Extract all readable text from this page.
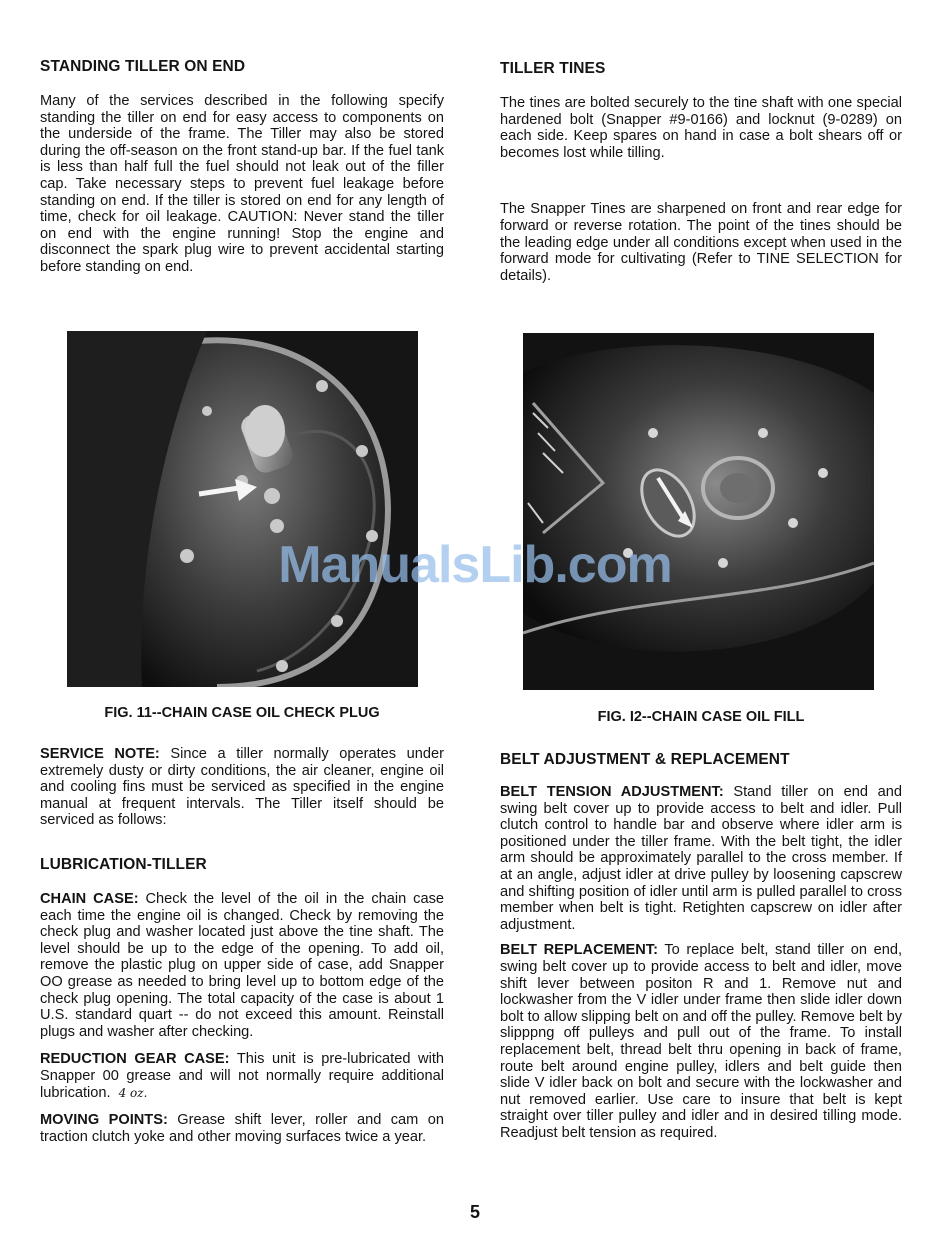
STANDING TILLER ON END

Many of the services described in the following specify standing the tiller on end for easy access to components on the underside of the frame. The Tiller may also be stored during the off-season on the front stand-up bar. If the fuel tank is less than half full the fuel should not leak out of the filler cap. Take necessary steps to prevent fuel leakage before standing on end. If the tiller is stored on end for any length of time, check for oil leakage. CAUTION: Never stand the tiller on end with the engine running! Stop the engine and disconnect the spark plug wire to prevent accidental starting before standing on end.

FIG. 11--CHAIN CASE OIL CHECK PLUG

SERVICE NOTE: Since a tiller normally operates under extremely dusty or dirty conditions, the air cleaner, engine oil and cooling fins must be serviced as specified in the engine manual at frequent intervals. The Tiller itself should be serviced as follows:

LUBRICATION-TILLER

CHAIN CASE: Check the level of the oil in the chain case each time the engine oil is changed. Check by removing the check plug and washer located just above the tine shaft. The level should be up to the edge of the opening. To add oil, remove the plastic plug on upper side of case, add Snapper OO grease as needed to bring level up to bottom edge of the check plug opening. The total capacity of the case is about 1 U.S. standard quart -- do not exceed this amount. Reinstall plugs and washer after checking.

REDUCTION GEAR CASE: This unit is pre-lubricated with Snapper 00 grease and will not normally require additional lubrication. 4 oz.

MOVING POINTS: Grease shift lever, roller and cam on traction clutch yoke and other moving surfaces twice a year.

TILLER TINES

The tines are bolted securely to the tine shaft with one special hardened bolt (Snapper #9-0166) and locknut (9-0289) on each side. Keep spares on hand in case a bolt shears off or becomes lost while tilling.

The Snapper Tines are sharpened on front and rear edge for forward or reverse rotation. The point of the tines should be the leading edge under all conditions except when used in the forward mode for cultivating (Refer to TINE SELECTION for details).

FIG. I2--CHAIN CASE OIL FILL
BELT ADJUSTMENT & REPLACEMENT

BELT TENSION ADJUSTMENT: Stand tiller on end and swing belt cover up to provide access to belt and idler. Pull clutch control to handle bar and observe where idler arm is positioned under the tiller frame. With the belt tight, the idler arm should be approximately parallel to the cross member. If at an angle, adjust idler at drive pulley by loosening capscrew and shifting position of idler until arm is pulled parallel to cross member when belt is tight. Retighten capscrew on idler after adjustment.

BELT REPLACEMENT: To replace belt, stand tiller on end, swing belt cover up to provide access to belt and idler, move shift lever between positon R and 1. Remove nut and lockwasher from the V idler under frame then slide idler down bolt to allow slipping belt on and off the pulley. Remove belt by slipppng off pulleys and pull out of the frame. To install replacement belt, thread belt thru opening in back of frame, route belt around engine pulley, idlers and belt guide then slide V idler back on bolt and secure with the lockwasher and nut removed earlier. Use care to insure that belt is kept straight over tiller pulley and idler and in desired tilling mode. Readjust belt tension as required.

ManualsLib.com
5
